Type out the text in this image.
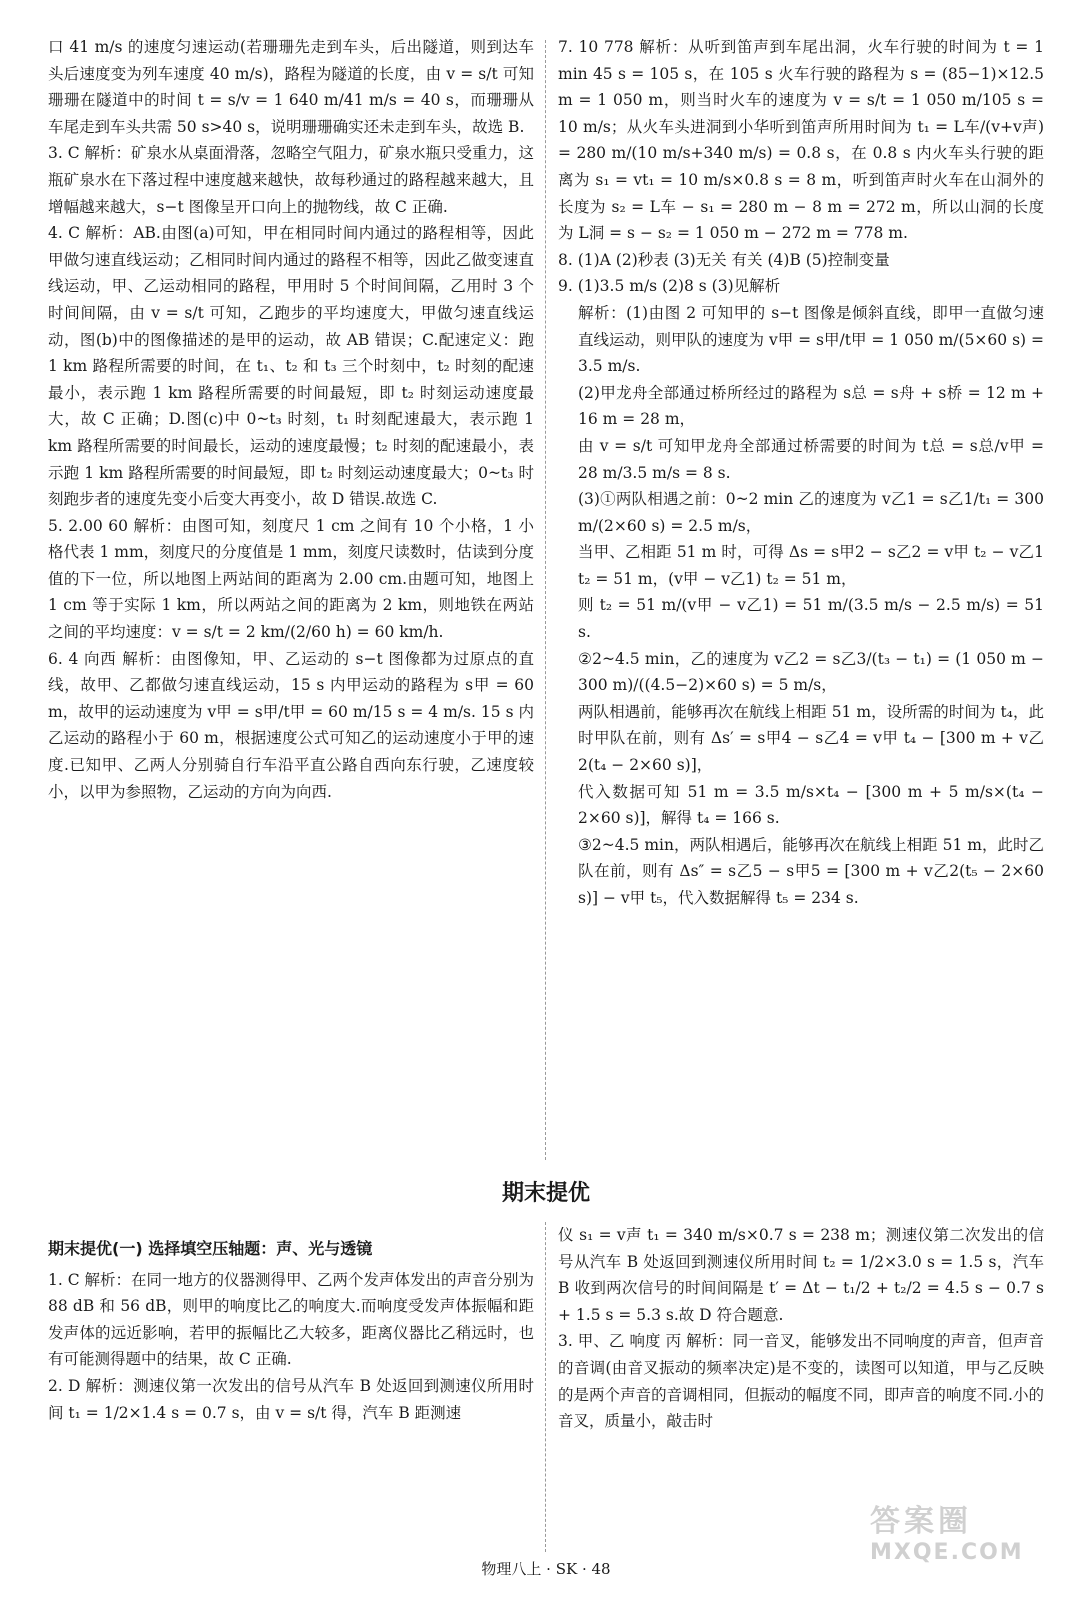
口 41 m/s 的速度匀速运动(若珊珊先走到车头，后出隧道，则到达车头后速度变为列车速度 40 m/s)，路程为隧道的长度，由 v = s/t 可知珊珊在隧道中的时间 t = s/v = 1 640 m/41 m/s = 40 s，而珊珊从车尾走到车头共需 50 s>40 s，说明珊珊确实还未走到车头，故选 B.

3. C 解析：矿泉水从桌面滑落，忽略空气阻力，矿泉水瓶只受重力，这瓶矿泉水在下落过程中速度越来越快，故每秒通过的路程越来越大，且增幅越来越大，s−t 图像呈开口向上的抛物线，故 C 正确.

4. C 解析：AB.由图(a)可知，甲在相同时间内通过的路程相等，因此甲做匀速直线运动；乙相同时间内通过的路程不相等，因此乙做变速直线运动，甲、乙运动相同的路程，甲用时 5 个时间间隔，乙用时 3 个时间间隔，由 v = s/t 可知，乙跑步的平均速度大，甲做匀速直线运动，图(b)中的图像描述的是甲的运动，故 AB 错误；C.配速定义：跑 1 km 路程所需要的时间，在 t₁、t₂ 和 t₃ 三个时刻中，t₂ 时刻的配速最小，表示跑 1 km 路程所需要的时间最短，即 t₂ 时刻运动速度最大，故 C 正确；D.图(c)中 0~t₃ 时刻，t₁ 时刻配速最大，表示跑 1 km 路程所需要的时间最长，运动的速度最慢；t₂ 时刻的配速最小，表示跑 1 km 路程所需要的时间最短，即 t₂ 时刻运动速度最大；0~t₃ 时刻跑步者的速度先变小后变大再变小，故 D 错误.故选 C.

5. 2.00 60 解析：由图可知，刻度尺 1 cm 之间有 10 个小格，1 小格代表 1 mm，刻度尺的分度值是 1 mm，刻度尺读数时，估读到分度值的下一位，所以地图上两站间的距离为 2.00 cm.由题可知，地图上 1 cm 等于实际 1 km，所以两站之间的距离为 2 km，则地铁在两站之间的平均速度：v = s/t = 2 km/(2/60 h) = 60 km/h.

6. 4 向西 解析：由图像知，甲、乙运动的 s−t 图像都为过原点的直线，故甲、乙都做匀速直线运动，15 s 内甲运动的路程为 s甲 = 60 m，故甲的运动速度为 v甲 = s甲/t甲 = 60 m/15 s = 4 m/s. 15 s 内乙运动的路程小于 60 m，根据速度公式可知乙的运动速度小于甲的速度.已知甲、乙两人分别骑自行车沿平直公路自西向东行驶，乙速度较小，以甲为参照物，乙运动的方向为向西.

7. 10 778 解析：从听到笛声到车尾出洞，火车行驶的时间为 t = 1 min 45 s = 105 s，在 105 s 火车行驶的路程为 s = (85−1)×12.5 m = 1 050 m，则当时火车的速度为 v = s/t = 1 050 m/105 s = 10 m/s；从火车头进洞到小华听到笛声所用时间为 t₁ = L车/(v+v声) = 280 m/(10 m/s+340 m/s) = 0.8 s，在 0.8 s 内火车头行驶的距离为 s₁ = vt₁ = 10 m/s×0.8 s = 8 m，听到笛声时火车在山洞外的长度为 s₂ = L车 − s₁ = 280 m − 8 m = 272 m，所以山洞的长度为 L洞 = s − s₂ = 1 050 m − 272 m = 778 m.

8. (1)A (2)秒表 (3)无关 有关 (4)B (5)控制变量

9. (1)3.5 m/s (2)8 s (3)见解析

解析：(1)由图 2 可知甲的 s−t 图像是倾斜直线，即甲一直做匀速直线运动，则甲队的速度为 v甲 = s甲/t甲 = 1 050 m/(5×60 s) = 3.5 m/s.

(2)甲龙舟全部通过桥所经过的路程为 s总 = s舟 + s桥 = 12 m + 16 m = 28 m，

由 v = s/t 可知甲龙舟全部通过桥需要的时间为 t总 = s总/v甲 = 28 m/3.5 m/s = 8 s.

(3)①两队相遇之前：0~2 min 乙的速度为 v乙1 = s乙1/t₁ = 300 m/(2×60 s) = 2.5 m/s，

当甲、乙相距 51 m 时，可得 Δs = s甲2 − s乙2 = v甲 t₂ − v乙1 t₂ = 51 m，(v甲 − v乙1) t₂ = 51 m，

则 t₂ = 51 m/(v甲 − v乙1) = 51 m/(3.5 m/s − 2.5 m/s) = 51 s.

②2~4.5 min，乙的速度为 v乙2 = s乙3/(t₃ − t₁) = (1 050 m − 300 m)/((4.5−2)×60 s) = 5 m/s，

两队相遇前，能够再次在航线上相距 51 m，设所需的时间为 t₄，此时甲队在前，则有 Δs′ = s甲4 − s乙4 = v甲 t₄ − [300 m + v乙2(t₄ − 2×60 s)]，

代入数据可知 51 m = 3.5 m/s×t₄ − [300 m + 5 m/s×(t₄ − 2×60 s)]，解得 t₄ = 166 s.

③2~4.5 min，两队相遇后，能够再次在航线上相距 51 m，此时乙队在前，则有 Δs″ = s乙5 − s甲5 = [300 m + v乙2(t₅ − 2×60 s)] − v甲 t₅，代入数据解得 t₅ = 234 s.

期末提优
期末提优(一) 选择填空压轴题：声、光与透镜

1. C 解析：在同一地方的仪器测得甲、乙两个发声体发出的声音分别为 88 dB 和 56 dB，则甲的响度比乙的响度大.而响度受发声体振幅和距发声体的远近影响，若甲的振幅比乙大较多，距离仪器比乙稍远时，也有可能测得题中的结果，故 C 正确.

2. D 解析：测速仪第一次发出的信号从汽车 B 处返回到测速仪所用时间 t₁ = 1/2×1.4 s = 0.7 s，由 v = s/t 得，汽车 B 距测速

仪 s₁ = v声 t₁ = 340 m/s×0.7 s = 238 m；测速仪第二次发出的信号从汽车 B 处返回到测速仪所用时间 t₂ = 1/2×3.0 s = 1.5 s，汽车 B 收到两次信号的时间间隔是 t′ = Δt − t₁/2 + t₂/2 = 4.5 s − 0.7 s + 1.5 s = 5.3 s.故 D 符合题意.

3. 甲、乙 响度 丙 解析：同一音叉，能够发出不同响度的声音，但声音的音调(由音叉振动的频率决定)是不变的，读图可以知道，甲与乙反映的是两个声音的音调相同，但振动的幅度不同，即声音的响度不同.小的音叉，质量小，敲击时

物理八上 · SK · 48
答案圈
MXQE.COM
